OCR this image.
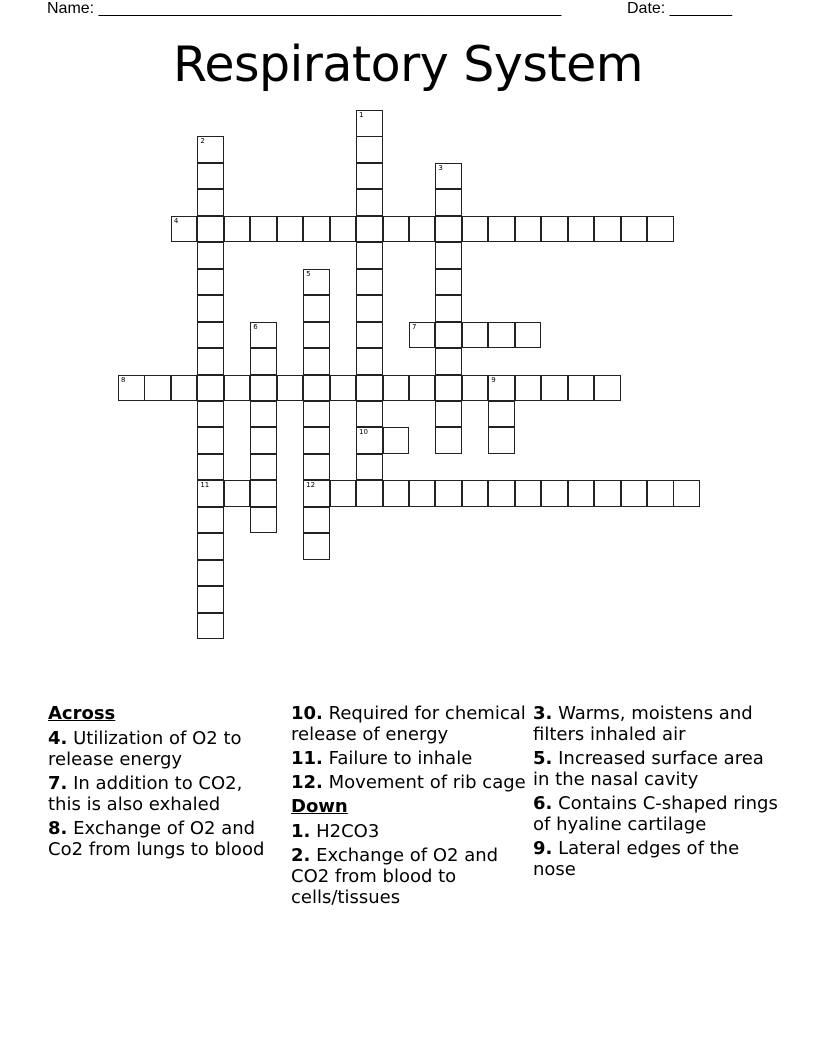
Name: ____________________________________________________	Date: _______
Respiratory System
1
10
2
11
3
4
5
12
6	7
8	9
Across
4. Utilization of O2 to release energy
7. In addition to CO2, this is also exhaled
8. Exchange of O2 and Co2 from lungs to blood
10. Required for chemical release of energy
11. Failure to inhale
12. Movement of rib cage
Down
1. H2CO3
2. Exchange of O2 and CO2 from blood to cells/tissues
3. Warms, moistens and filters inhaled air
5. Increased surface area in the nasal cavity
6. Contains C-shaped rings of hyaline cartilage
9. Lateral edges of the nose
